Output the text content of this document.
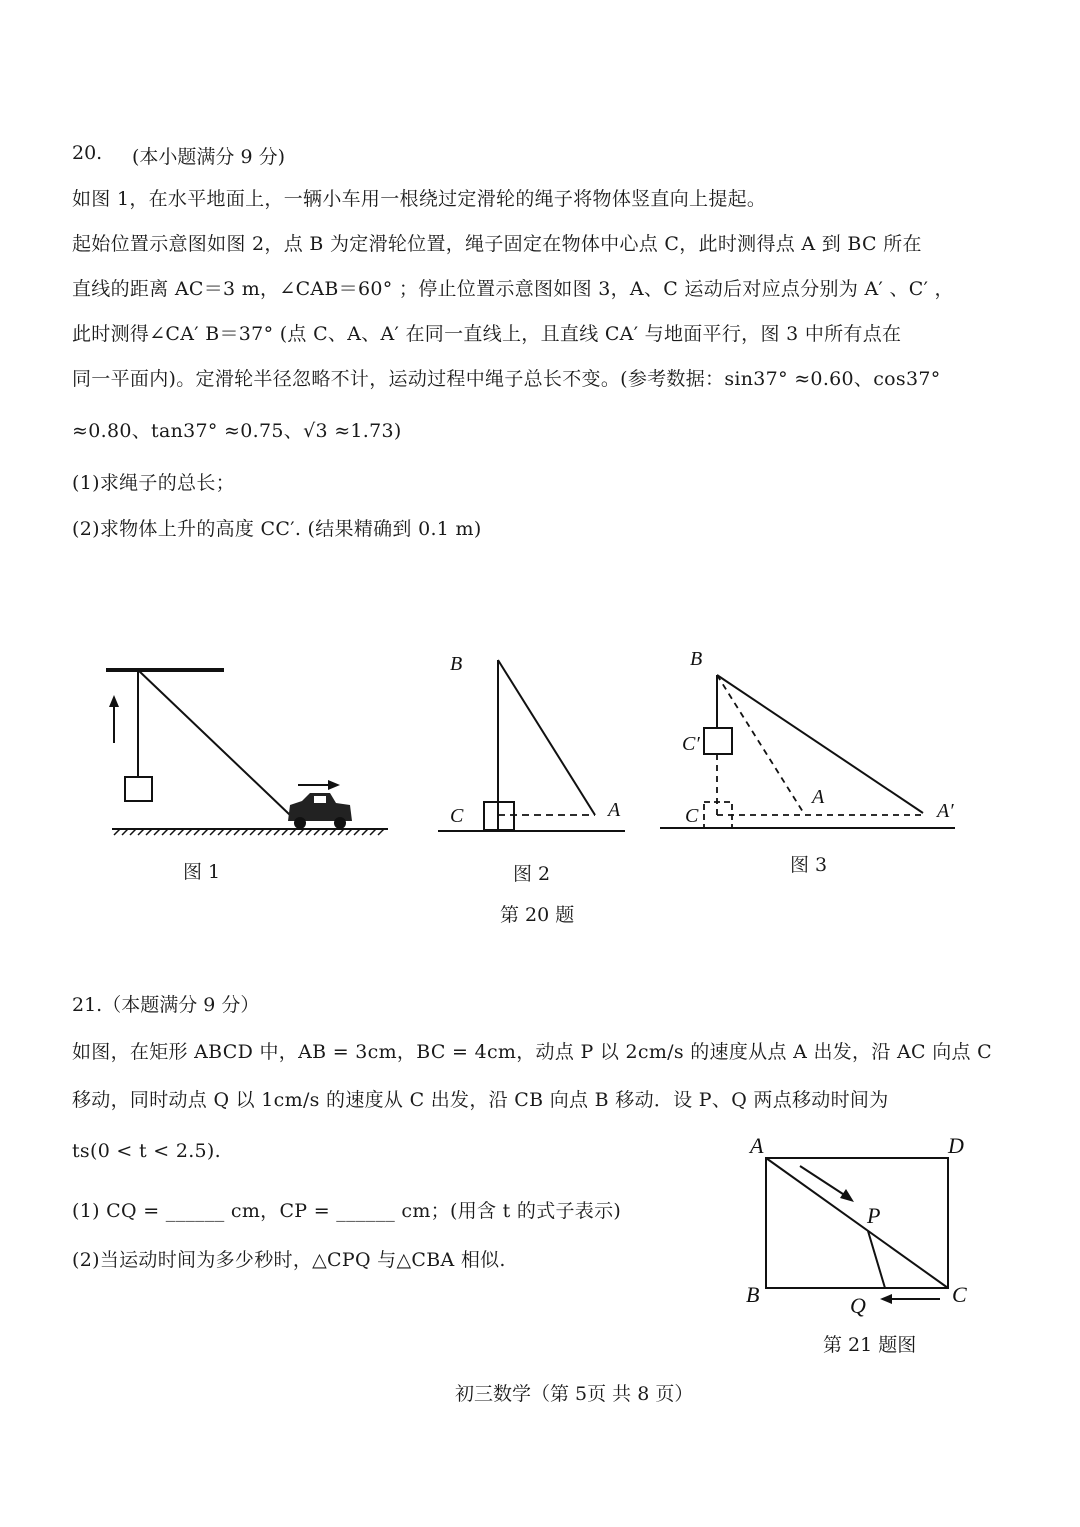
20. (本小题满分 9 分)
如图 1，在水平地面上，一辆小车用一根绕过定滑轮的绳子将物体竖直向上提起。
起始位置示意图如图 2，点 B 为定滑轮位置，绳子固定在物体中心点 C，此时测得点 A 到 BC 所在
直线的距离 AC＝3 m，∠CAB＝60° ；停止位置示意图如图 3，A、C 运动后对应点分别为 A′ 、C′ ，
此时测得∠CA′ B＝37° (点 C、A、A′ 在同一直线上，且直线 CA′ 与地面平行，图 3 中所有点在
同一平面内)。定滑轮半径忽略不计，运动过程中绳子总长不变。(参考数据：sin37° ≈0.60、cos37°
≈0.80、tan37° ≈0.75、√3 ≈1.73)
(1)求绳子的总长；
(2)求物体上升的高度 CC′. (结果精确到 0.1 m)
图 1
B
C	A
图 2
B
C′
C
A
A′
图 3
第 20 题
21.（本题满分 9 分）
如图，在矩形 ABCD 中，AB = 3cm，BC = 4cm，动点 P 以 2cm/s 的速度从点 A 出发，沿 AC 向点 C
移动，同时动点 Q 以 1cm/s 的速度从 C 出发，沿 CB 向点 B 移动．设 P、Q 两点移动时间为
ts(0 < t < 2.5).
(1) CQ = ______ cm，CP = ______ cm；(用含 t 的式子表示)
(2)当运动时间为多少秒时，△CPQ 与△CBA 相似.
A	D
P
B	C
Q
第 21 题图
初三数学（第 5页 共 8 页）
